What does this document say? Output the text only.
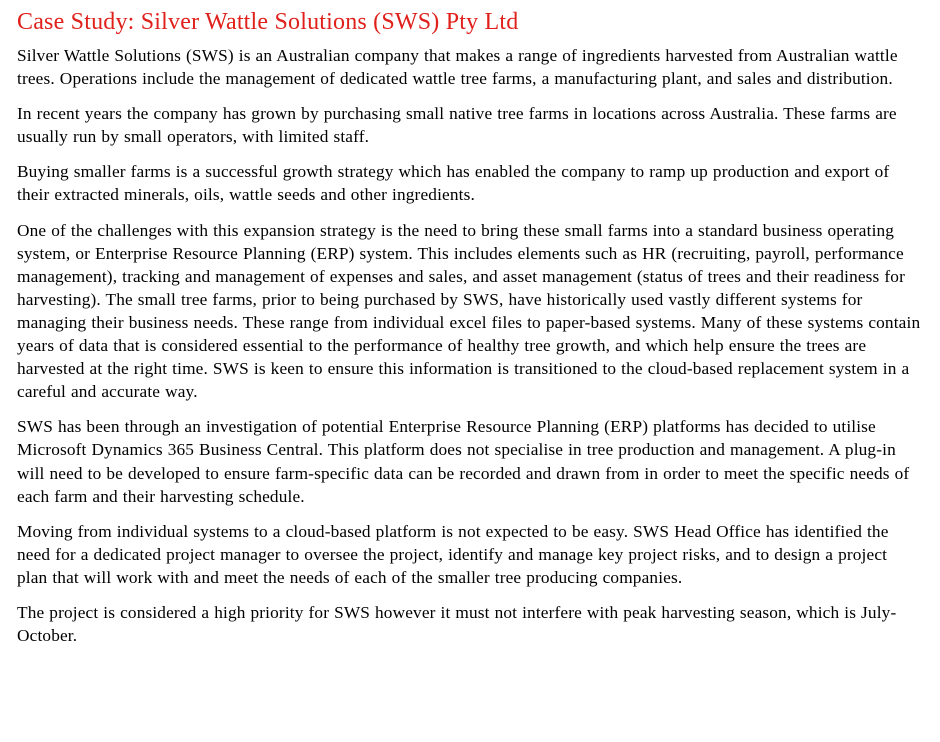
Case Study: Silver Wattle Solutions (SWS) Pty Ltd

Silver Wattle Solutions (SWS) is an Australian company that makes a range of ingredients harvested from Australian wattle trees. Operations include the management of dedicated wattle tree farms, a manufacturing plant, and sales and distribution.

In recent years the company has grown by purchasing small native tree farms in locations across Australia. These farms are usually run by small operators, with limited staff.

Buying smaller farms is a successful growth strategy which has enabled the company to ramp up production and export of their extracted minerals, oils, wattle seeds and other ingredients.

One of the challenges with this expansion strategy is the need to bring these small farms into a standard business operating system, or Enterprise Resource Planning (ERP) system. This includes elements such as HR (recruiting, payroll, performance management), tracking and management of expenses and sales, and asset management (status of trees and their readiness for harvesting). The small tree farms, prior to being purchased by SWS, have historically used vastly different systems for managing their business needs. These range from individual excel files to paper-based systems. Many of these systems contain years of data that is considered essential to the performance of healthy tree growth, and which help ensure the trees are harvested at the right time. SWS is keen to ensure this information is transitioned to the cloud-based replacement system in a careful and accurate way.

SWS has been through an investigation of potential Enterprise Resource Planning (ERP) platforms has decided to utilise Microsoft Dynamics 365 Business Central. This platform does not specialise in tree production and management. A plug-in will need to be developed to ensure farm-specific data can be recorded and drawn from in order to meet the specific needs of each farm and their harvesting schedule.

Moving from individual systems to a cloud-based platform is not expected to be easy. SWS Head Office has identified the need for a dedicated project manager to oversee the project, identify and manage key project risks, and to design a project plan that will work with and meet the needs of each of the smaller tree producing companies.

The project is considered a high priority for SWS however it must not interfere with peak harvesting season, which is July-October.
